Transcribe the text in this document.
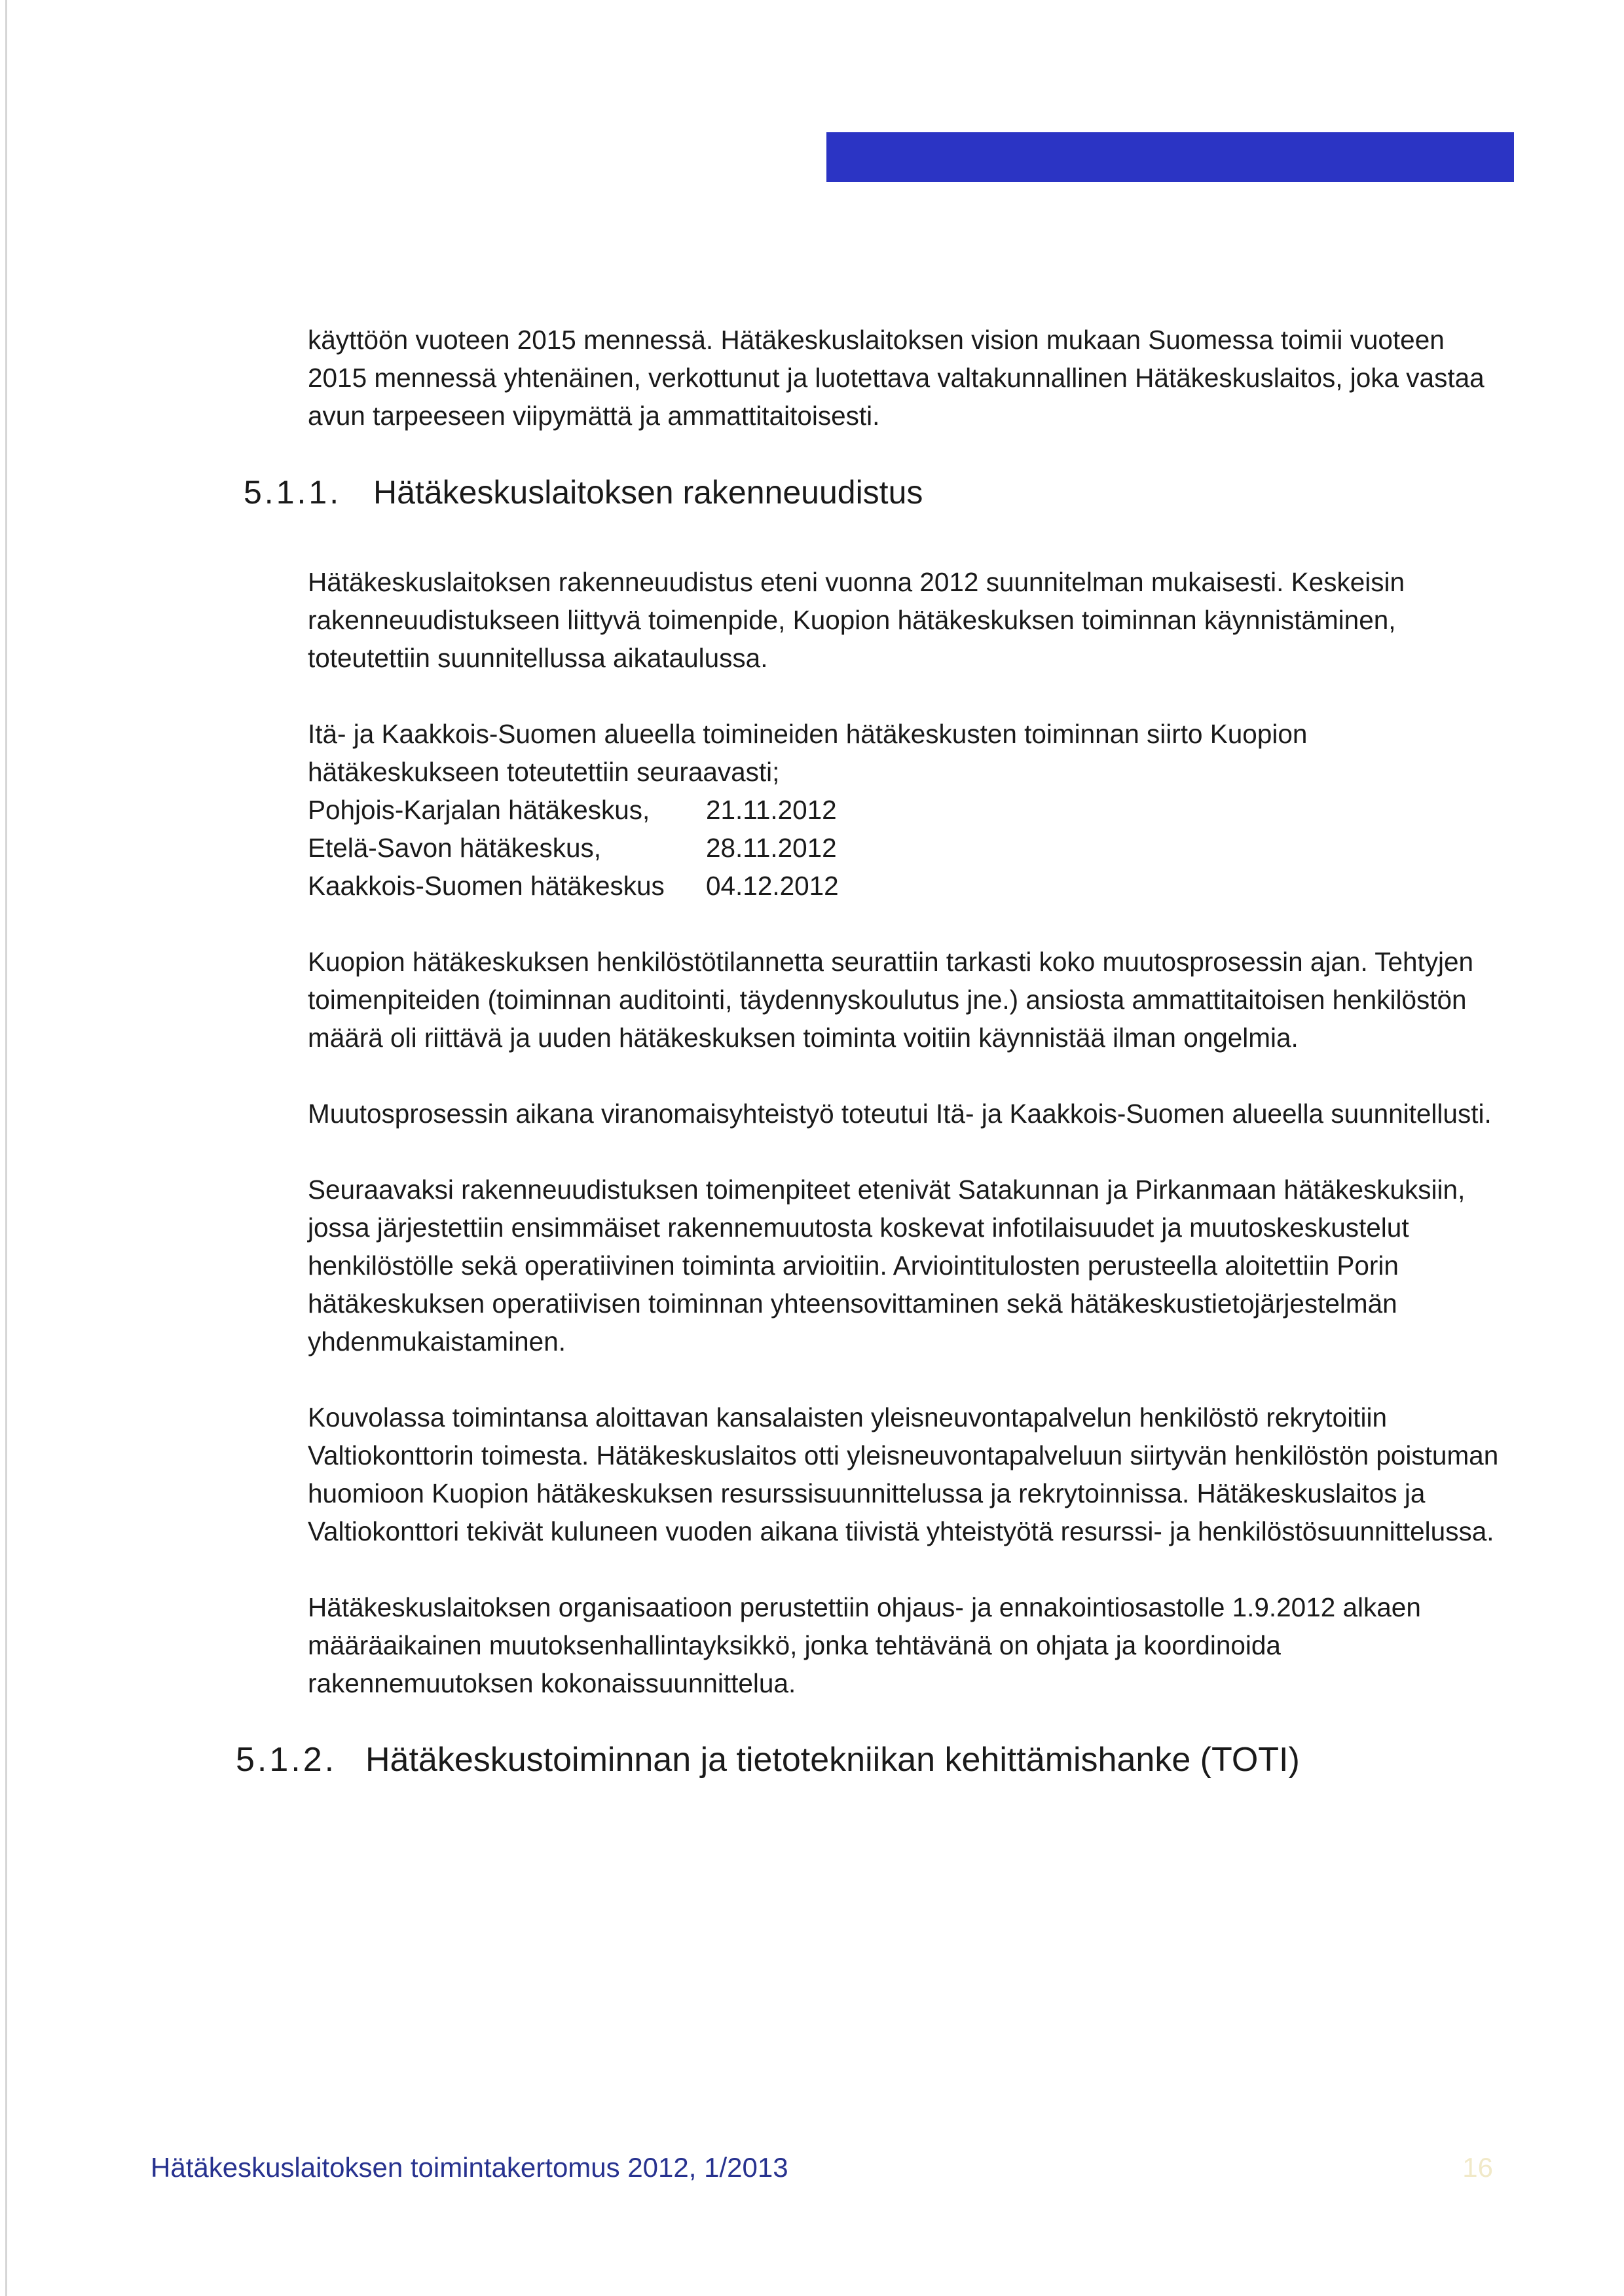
käyttöön vuoteen 2015 mennessä. Hätäkeskuslaitoksen vision mukaan Suomessa toimii vuoteen 2015 mennessä yhtenäinen, verkottunut ja luotettava valtakunnallinen Hätäkeskuslaitos, joka vastaa avun tarpeeseen viipymättä ja ammattitaitoisesti.

5.1.1. Hätäkeskuslaitoksen rakenneuudistus

Hätäkeskuslaitoksen rakenneuudistus eteni vuonna 2012 suunnitelman mukaisesti. Keskeisin rakenneuudistukseen liittyvä toimenpide, Kuopion hätäkeskuksen toiminnan käynnistäminen, toteutettiin suunnitellussa aikataulussa.

Itä- ja Kaakkois-Suomen alueella toimineiden hätäkeskusten toiminnan siirto Kuopion hätäkeskukseen toteutettiin seuraavasti;

Pohjois-Karjalan hätäkeskus,	21.11.2012
Etelä-Savon hätäkeskus,	28.11.2012
Kaakkois-Suomen hätäkeskus	04.12.2012

Kuopion hätäkeskuksen henkilöstötilannetta seurattiin tarkasti koko muutosprosessin ajan. Tehtyjen toimenpiteiden (toiminnan auditointi, täydennyskoulutus jne.) ansiosta ammattitaitoisen henkilöstön määrä oli riittävä ja uuden hätäkeskuksen toiminta voitiin käynnistää ilman ongelmia.

Muutosprosessin aikana viranomaisyhteistyö toteutui Itä- ja Kaakkois-Suomen alueella suunnitellusti.

Seuraavaksi rakenneuudistuksen toimenpiteet etenivät Satakunnan ja Pirkanmaan hätäkeskuksiin, jossa järjestettiin ensimmäiset rakennemuutosta koskevat infotilaisuudet ja muutoskeskustelut henkilöstölle sekä operatiivinen toiminta arvioitiin. Arviointitulosten perusteella aloitettiin Porin hätäkeskuksen operatiivisen toiminnan yhteensovittaminen sekä hätäkeskustietojärjestelmän yhdenmukaistaminen.

Kouvolassa toimintansa aloittavan kansalaisten yleisneuvontapalvelun henkilöstö rekrytoitiin Valtiokonttorin toimesta. Hätäkeskuslaitos otti yleisneuvontapalveluun siirtyvän henkilöstön poistuman huomioon Kuopion hätäkeskuksen resurssisuunnittelussa ja rekrytoinnissa. Hätäkeskuslaitos ja Valtiokonttori tekivät kuluneen vuoden aikana tiivistä yhteistyötä resurssi- ja henkilöstösuunnittelussa.

Hätäkeskuslaitoksen organisaatioon perustettiin ohjaus- ja ennakointiosastolle 1.9.2012 alkaen määräaikainen muutoksenhallintayksikkö, jonka tehtävänä on ohjata ja koordinoida rakennemuutoksen kokonaissuunnittelua.

5.1.2. Hätäkeskustoiminnan ja tietotekniikan kehittämishanke (TOTI)
Hätäkeskuslaitoksen toimintakertomus 2012, 1/2013	16
